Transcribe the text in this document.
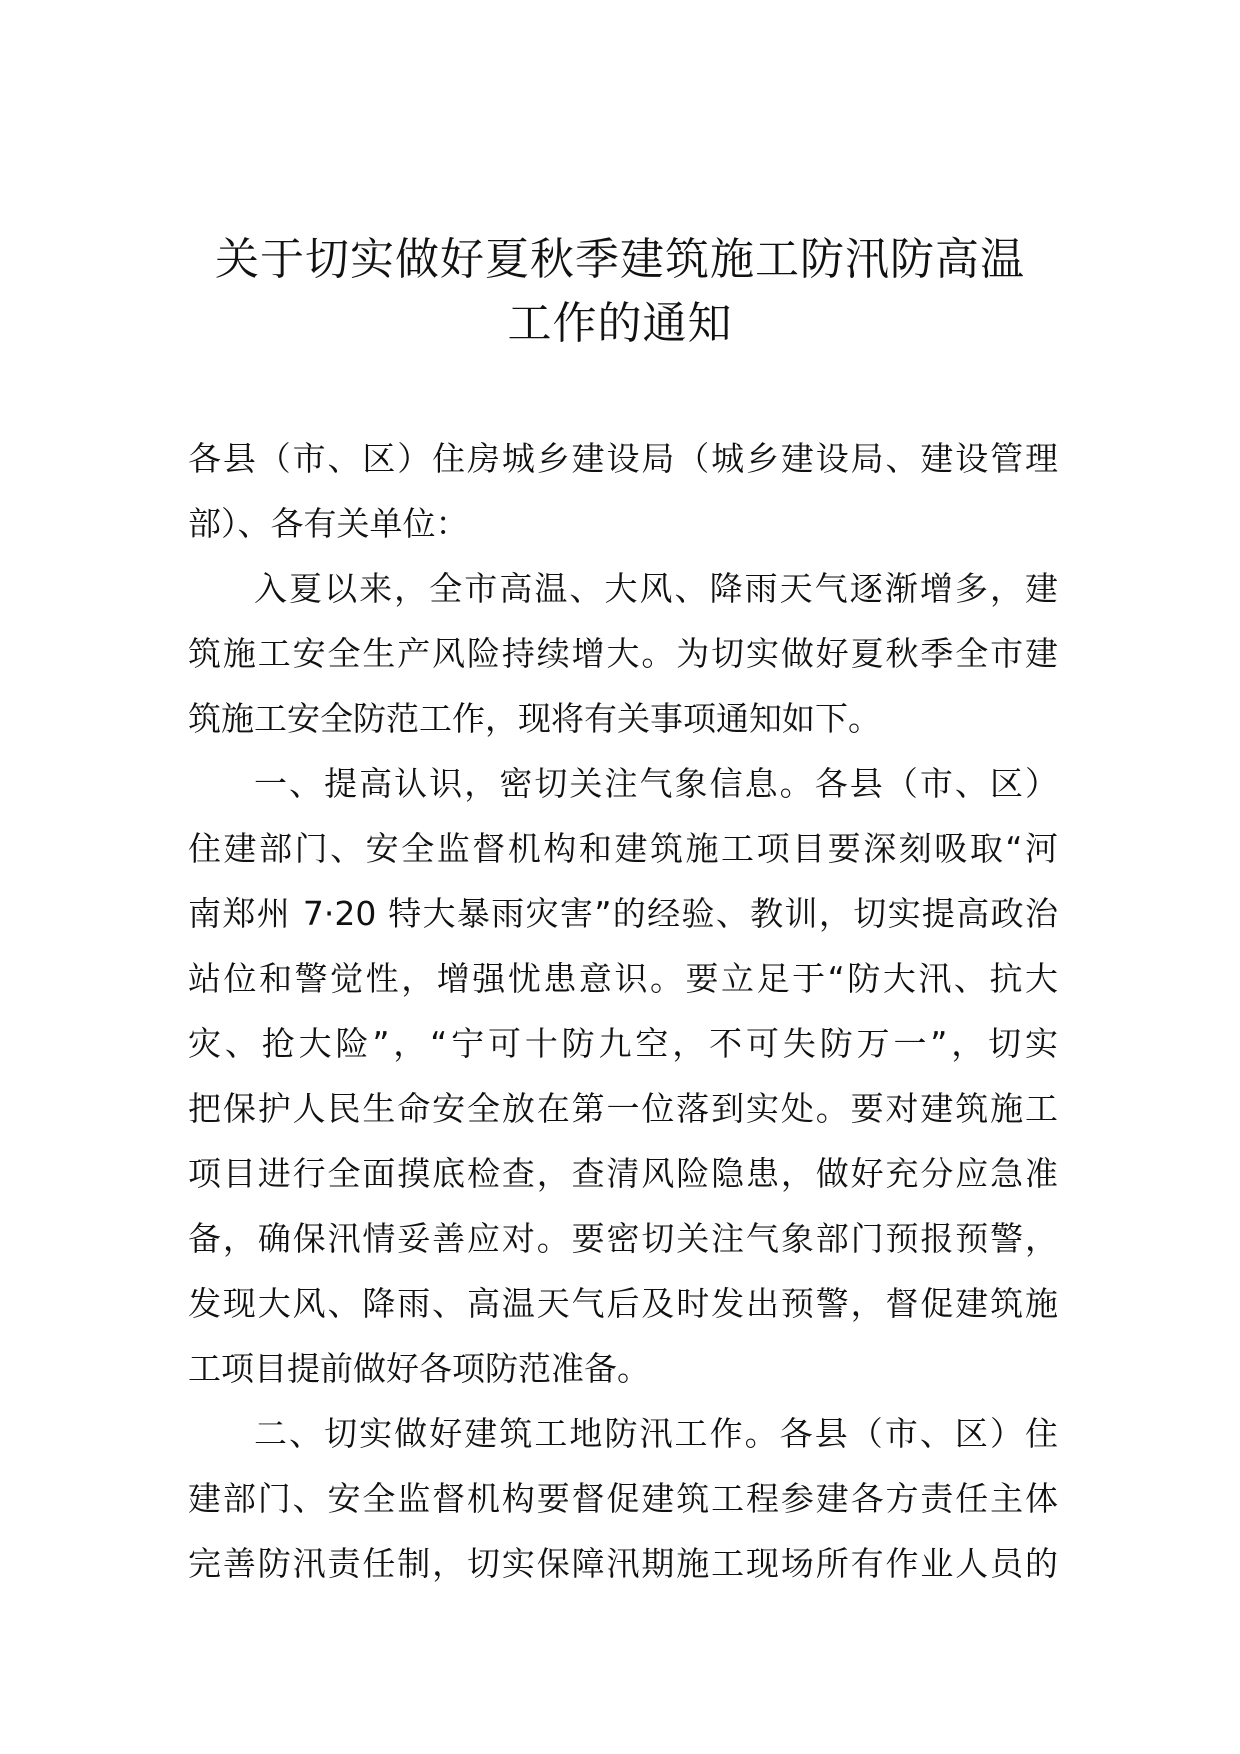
关于切实做好夏秋季建筑施工防汛防高温
工作的通知
各县（市、区）住房城乡建设局（城乡建设局、建设管理
部）、各有关单位：
入夏以来，全市高温、大风、降雨天气逐渐增多，建
筑施工安全生产风险持续增大。为切实做好夏秋季全市建
筑施工安全防范工作，现将有关事项通知如下。
一、提高认识，密切关注气象信息。各县（市、区）
住建部门、安全监督机构和建筑施工项目要深刻吸取“河
南郑州 7·20 特大暴雨灾害”的经验、教训，切实提高政治
站位和警觉性，增强忧患意识。要立足于“防大汛、抗大
灾、抢大险”，“宁可十防九空，不可失防万一”，切实
把保护人民生命安全放在第一位落到实处。要对建筑施工
项目进行全面摸底检查，查清风险隐患，做好充分应急准
备，确保汛情妥善应对。要密切关注气象部门预报预警，
发现大风、降雨、高温天气后及时发出预警，督促建筑施
工项目提前做好各项防范准备。
二、切实做好建筑工地防汛工作。各县（市、区）住
建部门、安全监督机构要督促建筑工程参建各方责任主体
完善防汛责任制，切实保障汛期施工现场所有作业人员的
